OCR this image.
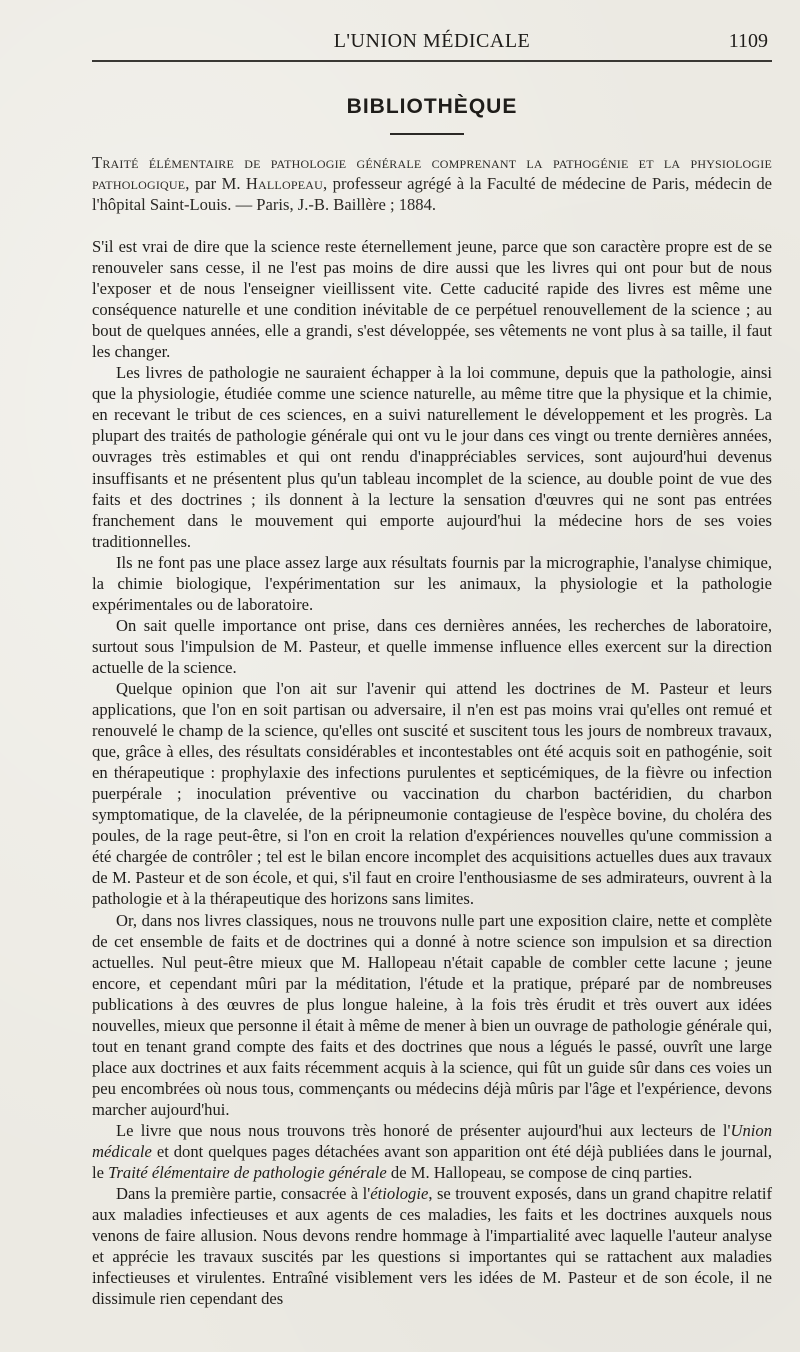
L'UNION MÉDICALE	1109
BIBLIOTHÈQUE
Traité élémentaire de pathologie générale comprenant la pathogénie et la physiologie pathologique, par M. Hallopeau, professeur agrégé à la Faculté de médecine de Paris, médecin de l'hôpital Saint-Louis. — Paris, J.-B. Baillère ; 1884.

S'il est vrai de dire que la science reste éternellement jeune, parce que son caractère propre est de se renouveler sans cesse, il ne l'est pas moins de dire aussi que les livres qui ont pour but de nous l'exposer et de nous l'enseigner vieillissent vite. Cette caducité rapide des livres est même une conséquence naturelle et une condition inévitable de ce perpétuel renouvellement de la science ; au bout de quelques années, elle a grandi, s'est développée, ses vêtements ne vont plus à sa taille, il faut les changer.

Les livres de pathologie ne sauraient échapper à la loi commune, depuis que la pathologie, ainsi que la physiologie, étudiée comme une science naturelle, au même titre que la physique et la chimie, en recevant le tribut de ces sciences, en a suivi naturellement le développement et les progrès. La plupart des traités de pathologie générale qui ont vu le jour dans ces vingt ou trente dernières années, ouvrages très estimables et qui ont rendu d'inappréciables services, sont aujourd'hui devenus insuffisants et ne présentent plus qu'un tableau incomplet de la science, au double point de vue des faits et des doctrines ; ils donnent à la lecture la sensation d'œuvres qui ne sont pas entrées franchement dans le mouvement qui emporte aujourd'hui la médecine hors de ses voies traditionnelles.

Ils ne font pas une place assez large aux résultats fournis par la micrographie, l'analyse chimique, la chimie biologique, l'expérimentation sur les animaux, la physiologie et la pathologie expérimentales ou de laboratoire.

On sait quelle importance ont prise, dans ces dernières années, les recherches de laboratoire, surtout sous l'impulsion de M. Pasteur, et quelle immense influence elles exercent sur la direction actuelle de la science.

Quelque opinion que l'on ait sur l'avenir qui attend les doctrines de M. Pasteur et leurs applications, que l'on en soit partisan ou adversaire, il n'en est pas moins vrai qu'elles ont remué et renouvelé le champ de la science, qu'elles ont suscité et suscitent tous les jours de nombreux travaux, que, grâce à elles, des résultats considérables et incontestables ont été acquis soit en pathogénie, soit en thérapeutique : prophylaxie des infections purulentes et septicémiques, de la fièvre ou infection puerpérale ; inoculation préventive ou vaccination du charbon bactéridien, du charbon symptomatique, de la clavelée, de la péripneumonie contagieuse de l'espèce bovine, du choléra des poules, de la rage peut-être, si l'on en croit la relation d'expériences nouvelles qu'une commission a été chargée de contrôler ; tel est le bilan encore incomplet des acquisitions actuelles dues aux travaux de M. Pasteur et de son école, et qui, s'il faut en croire l'enthousiasme de ses admirateurs, ouvrent à la pathologie et à la thérapeutique des horizons sans limites.

Or, dans nos livres classiques, nous ne trouvons nulle part une exposition claire, nette et complète de cet ensemble de faits et de doctrines qui a donné à notre science son impulsion et sa direction actuelles. Nul peut-être mieux que M. Hallopeau n'était capable de combler cette lacune ; jeune encore, et cependant mûri par la méditation, l'étude et la pratique, préparé par de nombreuses publications à des œuvres de plus longue haleine, à la fois très érudit et très ouvert aux idées nouvelles, mieux que personne il était à même de mener à bien un ouvrage de pathologie générale qui, tout en tenant grand compte des faits et des doctrines que nous a légués le passé, ouvrît une large place aux doctrines et aux faits récemment acquis à la science, qui fût un guide sûr dans ces voies un peu encombrées où nous tous, commençants ou médecins déjà mûris par l'âge et l'expérience, devons marcher aujourd'hui.

Le livre que nous nous trouvons très honoré de présenter aujourd'hui aux lecteurs de l'Union médicale et dont quelques pages détachées avant son apparition ont été déjà publiées dans le journal, le Traité élémentaire de pathologie générale de M. Hallopeau, se compose de cinq parties.

Dans la première partie, consacrée à l'étiologie, se trouvent exposés, dans un grand chapitre relatif aux maladies infectieuses et aux agents de ces maladies, les faits et les doctrines auxquels nous venons de faire allusion. Nous devons rendre hommage à l'impartialité avec laquelle l'auteur analyse et apprécie les travaux suscités par les questions si importantes qui se rattachent aux maladies infectieuses et virulentes. Entraîné visiblement vers les idées de M. Pasteur et de son école, il ne dissimule rien cependant des
